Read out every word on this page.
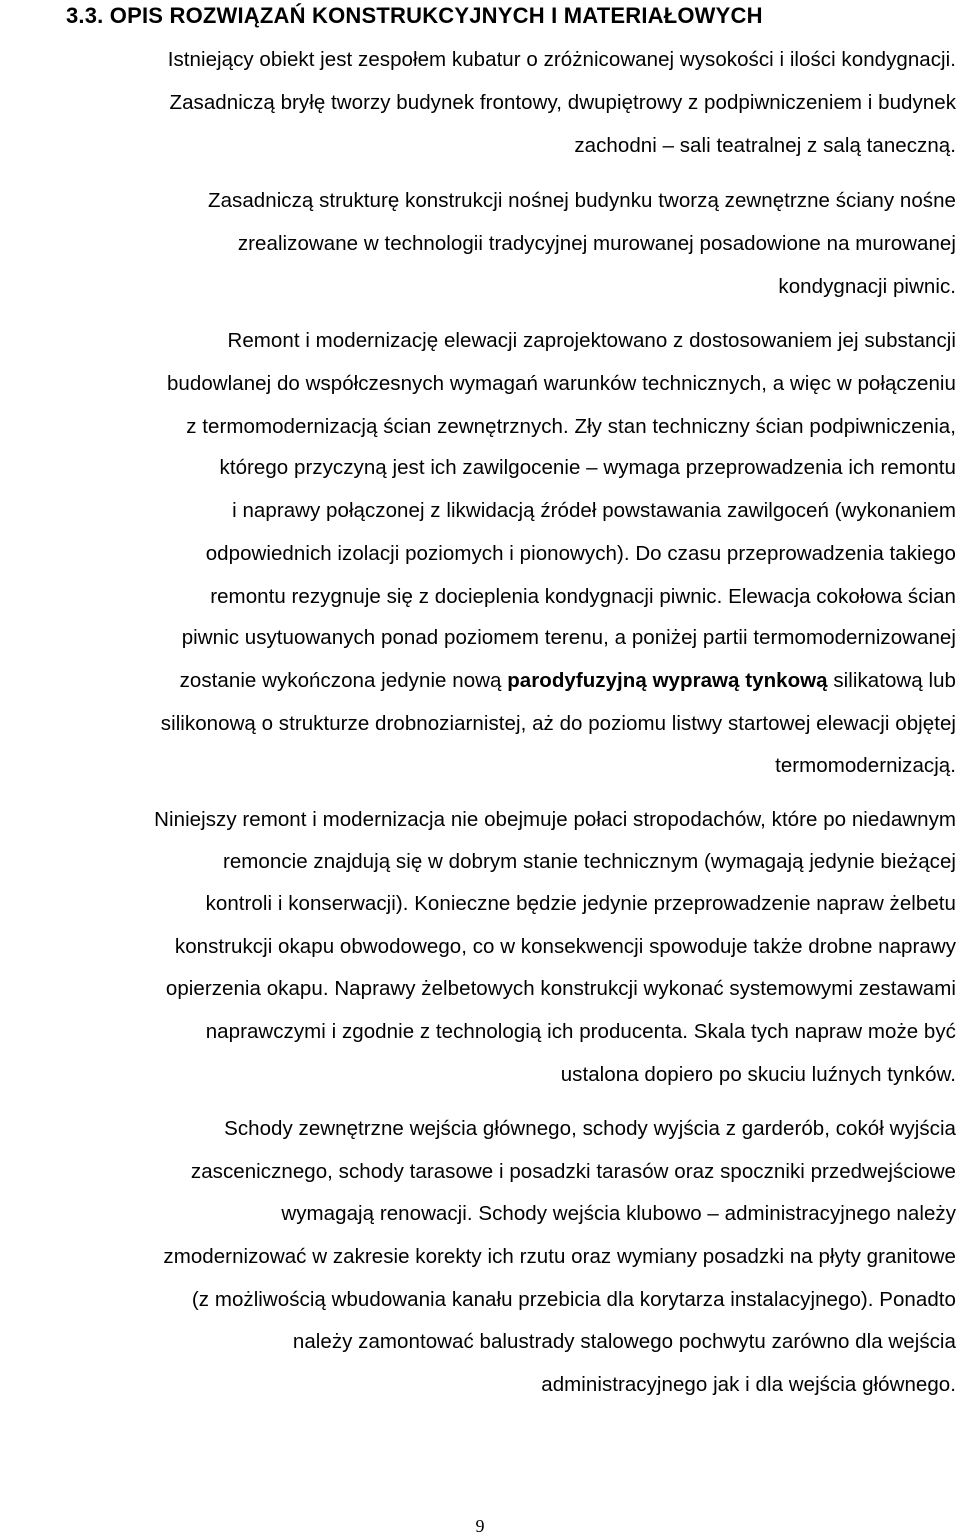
3.3. OPIS ROZWIĄZAŃ KONSTRUKCYJNYCH I MATERIAŁOWYCH
Istniejący obiekt jest zespołem kubatur o zróżnicowanej wysokości i ilości kondygnacji.
Zasadniczą bryłę tworzy budynek frontowy, dwupiętrowy z podpiwniczeniem i budynek
zachodni – sali teatralnej z salą taneczną.
Zasadniczą strukturę konstrukcji nośnej budynku tworzą zewnętrzne ściany nośne
zrealizowane w technologii tradycyjnej murowanej posadowione na murowanej
kondygnacji piwnic.
Remont i modernizację elewacji zaprojektowano z dostosowaniem jej substancji
budowlanej do współczesnych wymagań warunków technicznych, a więc w połączeniu
z termomodernizacją ścian zewnętrznych. Zły stan techniczny ścian podpiwniczenia,
którego przyczyną jest ich zawilgocenie – wymaga przeprowadzenia ich remontu
i naprawy połączonej z likwidacją źródeł powstawania zawilgoceń (wykonaniem
odpowiednich izolacji poziomych i pionowych). Do czasu przeprowadzenia takiego
remontu rezygnuje się z docieplenia kondygnacji piwnic. Elewacja cokołowa ścian
piwnic usytuowanych ponad poziomem terenu, a poniżej partii termomodernizowanej
zostanie wykończona jedynie nową parodyfuzyjną wyprawą tynkową silikatową lub
silikonową o strukturze drobnoziarnistej, aż do poziomu listwy startowej elewacji objętej
termomodernizacją.
Niniejszy remont i modernizacja nie obejmuje połaci stropodachów, które po niedawnym
remoncie znajdują się w dobrym stanie technicznym (wymagają jedynie bieżącej
kontroli i konserwacji). Konieczne będzie jedynie przeprowadzenie napraw żelbetu
konstrukcji okapu obwodowego, co w konsekwencji spowoduje także drobne naprawy
opierzenia okapu. Naprawy żelbetowych konstrukcji wykonać systemowymi zestawami
naprawczymi i zgodnie z technologią ich producenta. Skala tych napraw może być
ustalona dopiero po skuciu luźnych tynków.
Schody zewnętrzne wejścia głównego, schody wyjścia z garderób, cokół wyjścia
zascenicznego, schody tarasowe i posadzki tarasów oraz spoczniki przedwejściowe
wymagają renowacji. Schody wejścia klubowo – administracyjnego należy
zmodernizować w zakresie korekty ich rzutu oraz wymiany posadzki na płyty granitowe
(z możliwością wbudowania kanału przebicia dla korytarza instalacyjnego). Ponadto
należy zamontować balustrady stalowego pochwytu zarówno dla wejścia
administracyjnego jak i dla wejścia głównego.
9
